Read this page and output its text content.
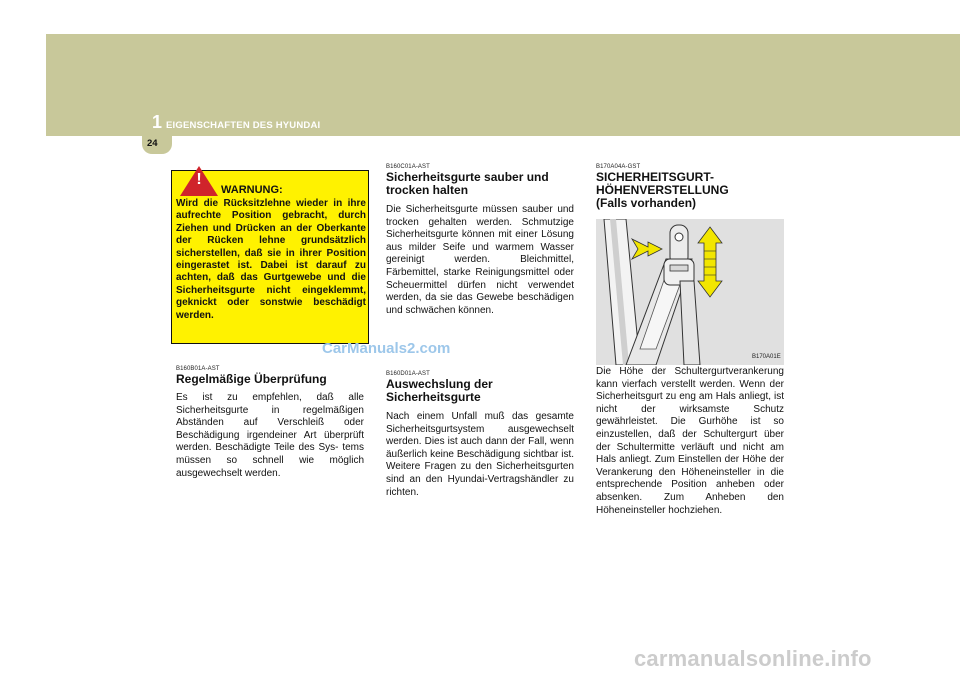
1 EIGENSCHAFTEN DES HYUNDAI
24
!
WARNUNG:
Wird die Rücksitzlehne wieder in ihre aufrechte Position gebracht, durch Ziehen und Drücken an der Oberkante der Rücken lehne grundsätzlich sicherstellen, daß sie in ihrer Position eingerastet ist. Dabei ist darauf zu achten, daß das Gurtgewebe und die Sicherheitsgurte nicht eingeklemmt, geknickt oder sonstwie beschädigt werden.
B160B01A-AST
Regelmäßige Überprüfung
Es ist zu empfehlen, daß alle Sicherheitsgurte in regelmäßigen Abständen auf Verschleiß oder Beschädigung irgendeiner Art überprüft werden. Beschädigte Teile des Sys- tems müssen so schnell wie möglich ausgewechselt werden.
CarManuals2.com
B160C01A-AST
Sicherheitsgurte sauber und trocken halten
Die Sicherheitsgurte müssen sauber und trocken gehalten werden. Schmutzige Sicherheitsgurte können mit einer Lösung aus milder Seife und warmem Wasser gereinigt werden. Bleichmittel, Färbemittel, starke Reinigungsmittel oder Scheuermittel dürfen nicht verwendet werden, da sie das Gewebe beschädigen und schwächen können.
B160D01A-AST
Auswechslung der Sicherheitsgurte
Nach einem Unfall muß das gesamte Sicherheitsgurtsystem ausgewechselt werden. Dies ist auch dann der Fall, wenn äußerlich keine Beschädigung sichtbar ist. Weitere Fragen zu den Sicherheitsgurten sind an den Hyundai-Vertragshändler zu richten.
B170A04A-GST
SICHERHEITSGURT-
HÖHENVERSTELLUNG
(Falls vorhanden)
B170A01E
Die Höhe der Schultergurtverankerung kann vierfach verstellt werden. Wenn der Sicherheitsgurt zu eng am Hals anliegt, ist nicht der wirksamste Schutz gewährleistet. Die Gurhöhe ist so einzustellen, daß der Schultergurt über der Schultermitte verläuft und nicht am Hals anliegt. Zum Einstellen der Höhe der Verankerung den Höheneinsteller in die entsprechende Position anheben oder absenken. Zum Anheben den Höheneinsteller hochziehen.
carmanualsonline.info
